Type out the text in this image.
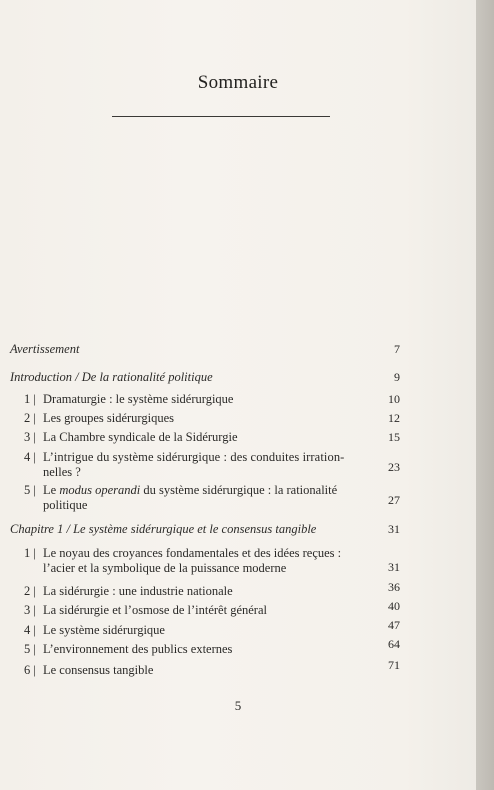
Sommaire
Avertissement	7
Introduction / De la rationalité politique	9
1 | Dramaturgie : le système sidérurgique	10
2 | Les groupes sidérurgiques	12
3 | La Chambre syndicale de la Sidérurgie	15
4 | L’intrigue du système sidérurgique : des conduites irration-
nelles ?	23
5 | Le modus operandi du système sidérurgique : la rationalité
politique	27
Chapitre 1 / Le système sidérurgique et le consensus tangible	31
1 | Le noyau des croyances fondamentales et des idées reçues :
l’acier et la symbolique de la puissance moderne	31
2 | La sidérurgie : une industrie nationale	36
3 | La sidérurgie et l’osmose de l’intérêt général	40
4 | Le système sidérurgique	47
5 | L’environnement des publics externes	64
6 | Le consensus tangible	71
5
